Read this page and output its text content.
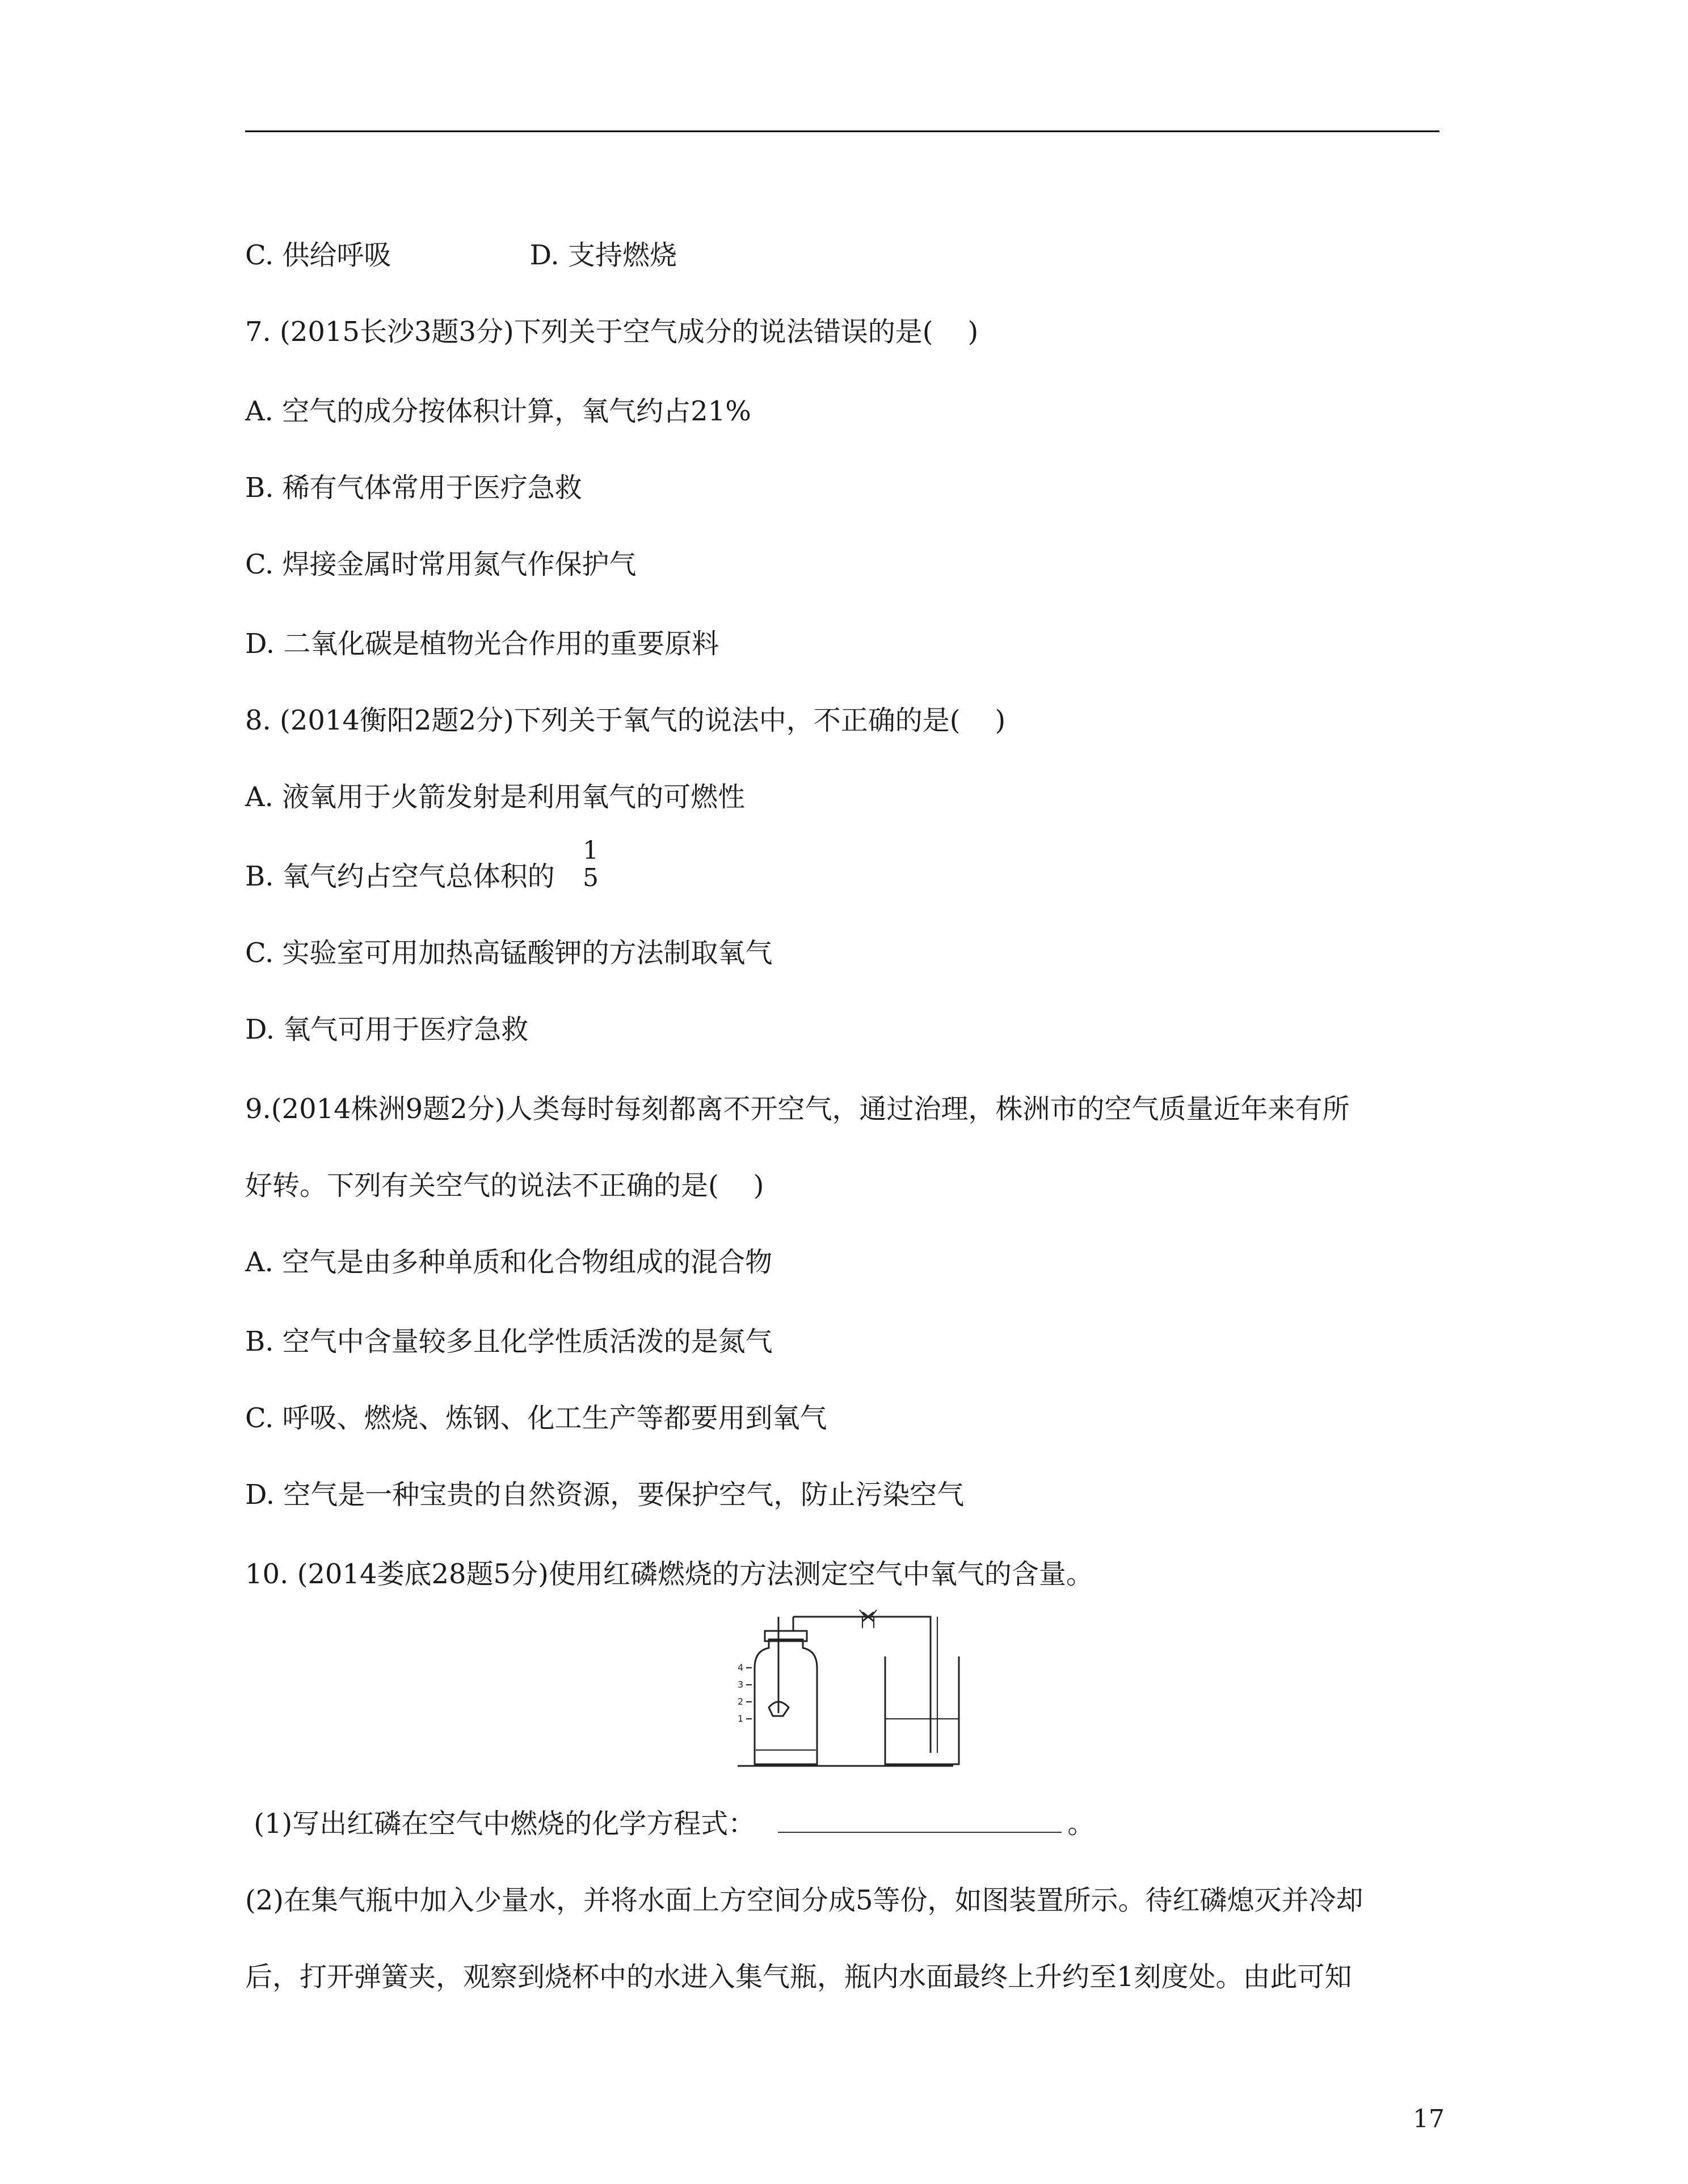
C. 供给呼吸                D. 支持燃烧
7. (2015长沙3题3分)下列关于空气成分的说法错误的是(    )
A. 空气的成分按体积计算，氧气约占21%
B. 稀有气体常用于医疗急救
C. 焊接金属时常用氮气作保护气
D. 二氧化碳是植物光合作用的重要原料
8. (2014衡阳2题2分)下列关于氧气的说法中，不正确的是(    )
A. 液氧用于火箭发射是利用氧气的可燃性
B. 氧气约占空气总体积的
1
5
C. 实验室可用加热高锰酸钾的方法制取氧气
D. 氧气可用于医疗急救
9.(2014株洲9题2分)人类每时每刻都离不开空气，通过治理，株洲市的空气质量近年来有所
好转。下列有关空气的说法不正确的是(    )
A. 空气是由多种单质和化合物组成的混合物
B. 空气中含量较多且化学性质活泼的是氮气
C. 呼吸、燃烧、炼钢、化工生产等都要用到氧气
D. 空气是一种宝贵的自然资源，要保护空气，防止污染空气
10. (2014娄底28题5分)使用红磷燃烧的方法测定空气中氧气的含量。
4
3
2
1
(1)写出红磷在空气中燃烧的化学方程式：	。
(2)在集气瓶中加入少量水，并将水面上方空间分成5等份，如图装置所示。待红磷熄灭并冷却
后，打开弹簧夹，观察到烧杯中的水进入集气瓶，瓶内水面最终上升约至1刻度处。由此可知
17
